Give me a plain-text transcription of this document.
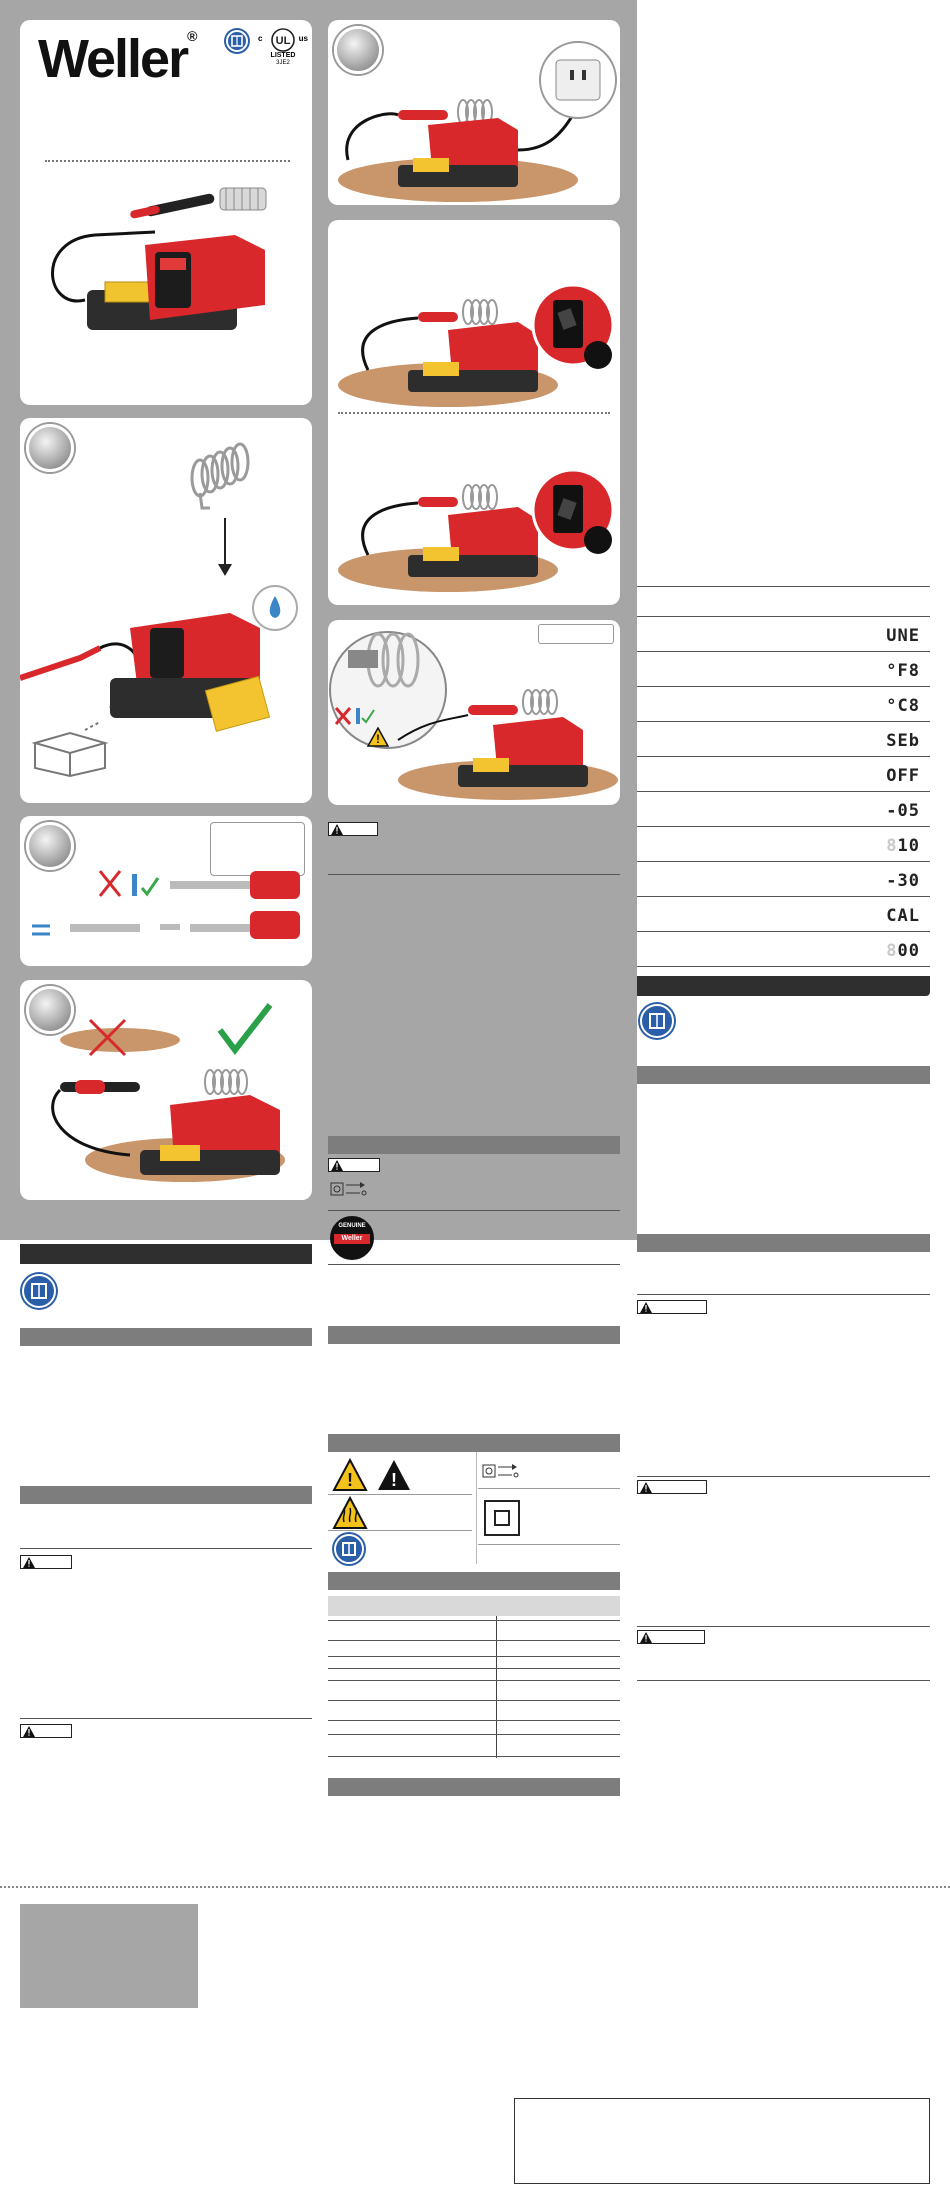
Weller®	UL
c	us
LISTED
3JE2
!
GENUINE
Weller
! !
UNE
°F8
°C8
SEb
OFF
-05
810
-30
CAL
800
